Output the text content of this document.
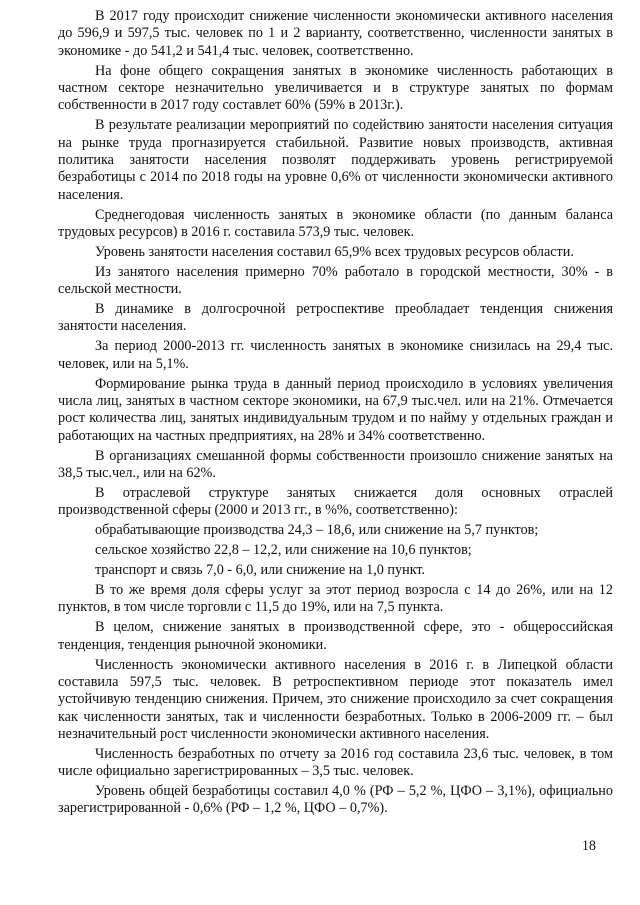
В 2017 году происходит снижение численности экономически активного населения до 596,9 и 597,5 тыс. человек по 1 и 2 варианту, соответственно, численности занятых в экономике - до 541,2 и 541,4 тыс. человек, соответственно.

На фоне общего сокращения занятых в экономике численность работающих в частном секторе незначительно увеличивается и в структуре занятых по формам собственности в 2017 году составлет 60% (59% в 2013г.).

В результате реализации мероприятий по содействию занятости населения ситуация на рынке труда прогназируется стабильной. Развитие новых производств, активная политика занятости населения позволят поддерживать уровень регистрируемой безработицы с 2014 по 2018 годы на уровне 0,6% от численности экономически активного населения.

Среднегодовая численность занятых в экономике области (по данным баланса трудовых ресурсов) в 2016 г. составила 573,9 тыс. человек.

Уровень занятости населения составил 65,9% всех трудовых ресурсов области.

Из занятого населения примерно 70% работало в городской местности, 30% - в сельской местности.

В динамике в долгосрочной ретроспективе преобладает тенденция снижения занятости населения.

За период 2000-2013 гг. численность занятых в экономике снизилась на 29,4 тыс. человек, или на 5,1%.

Формирование рынка труда в данный период происходило в условиях увеличения числа лиц, занятых в частном секторе экономики, на 67,9 тыс.чел. или на 21%. Отмечается рост количества лиц, занятых индивидуальным трудом и по найму у отдельных граждан и работающих на частных предприятиях, на 28% и 34% соответственно.

В организациях смешанной формы собственности произошло снижение занятых на 38,5 тыс.чел., или на 62%.

В отраслевой структуре занятых снижается доля основных отраслей производственной сферы (2000 и 2013 гг., в %%, соответственно):

обрабатывающие производства 24,3 – 18,6, или снижение на 5,7 пунктов;

сельское хозяйство 22,8 – 12,2, или снижение на 10,6 пунктов;

транспорт и связь 7,0 - 6,0, или снижение на 1,0 пункт.

В то же время доля сферы услуг за этот период возросла с 14 до 26%, или на 12 пунктов, в том числе торговли с 11,5 до 19%, или на 7,5 пункта.

В целом, снижение занятых в производственной сфере, это - общероссийская тенденция, тенденция рыночной экономики.

Численность экономически активного населения в 2016 г. в Липецкой области составила 597,5 тыс. человек. В ретроспективном периоде этот показатель имел устойчивую тенденцию снижения. Причем, это снижение происходило за счет сокращения как численности занятых, так и численности безработных. Только в 2006-2009 гг. – был незначительный рост численности экономически активного населения.

Численность безработных по отчету за 2016 год составила 23,6 тыс. человек, в том числе официально зарегистрированных – 3,5 тыс. человек.

Уровень общей безработицы составил 4,0 % (РФ – 5,2 %, ЦФО – 3,1%), официально зарегистрированной - 0,6% (РФ – 1,2 %, ЦФО – 0,7%).

18
